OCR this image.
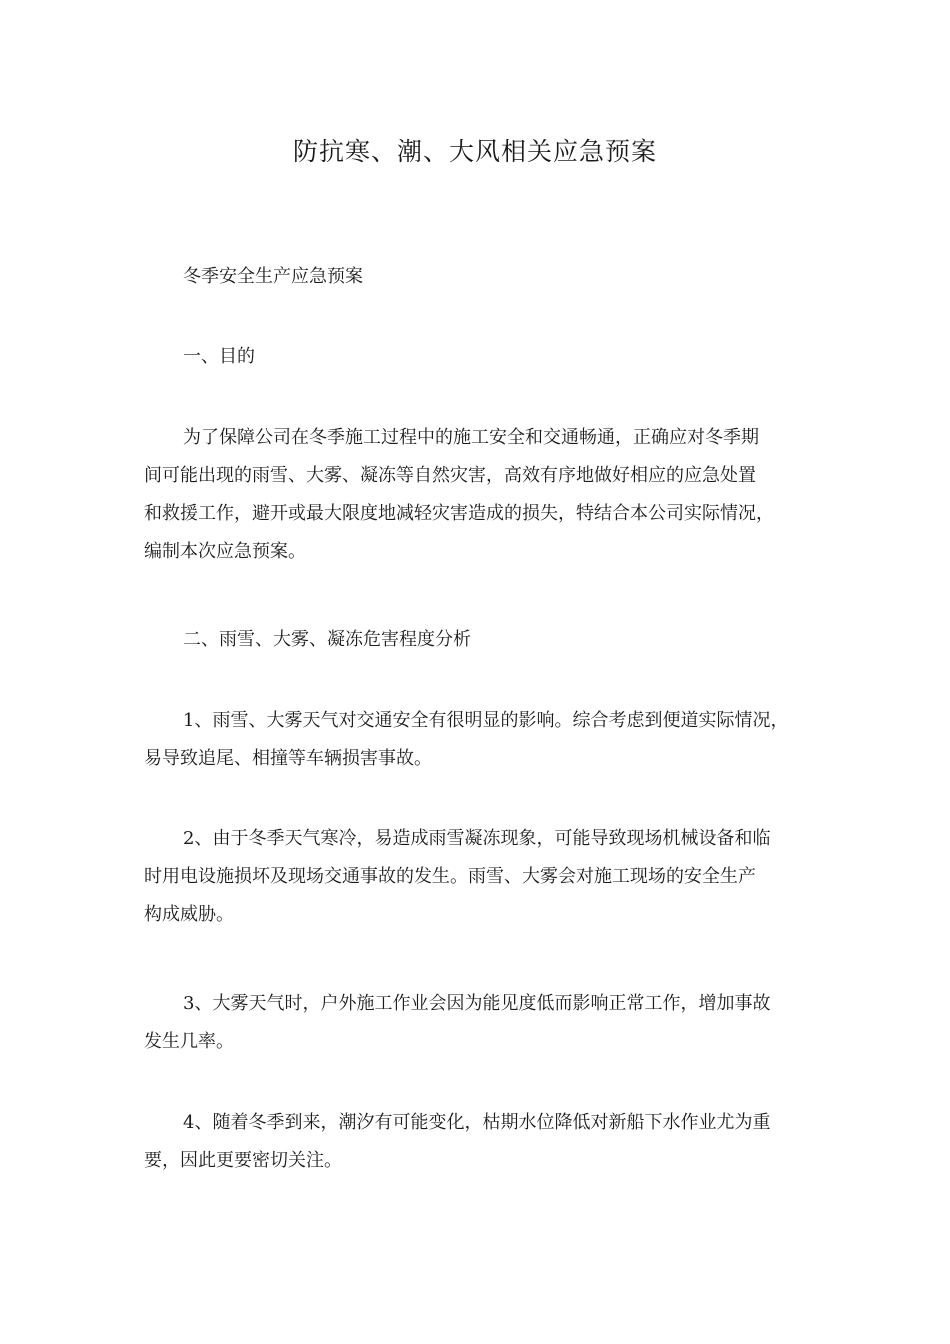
防抗寒、潮、大风相关应急预案
冬季安全生产应急预案
一、目的
为了保障公司在冬季施工过程中的施工安全和交通畅通，正确应对冬季期
间可能出现的雨雪、大雾、凝冻等自然灾害，高效有序地做好相应的应急处置
和救援工作，避开或最大限度地减轻灾害造成的损失，特结合本公司实际情况，
编制本次应急预案。
二、雨雪、大雾、凝冻危害程度分析
1、雨雪、大雾天气对交通安全有很明显的影响。综合考虑到便道实际情况，
易导致追尾、相撞等车辆损害事故。
2、由于冬季天气寒冷，易造成雨雪凝冻现象，可能导致现场机械设备和临
时用电设施损坏及现场交通事故的发生。雨雪、大雾会对施工现场的安全生产
构成威胁。
3、大雾天气时，户外施工作业会因为能见度低而影响正常工作，增加事故
发生几率。
4、随着冬季到来，潮汐有可能变化，枯期水位降低对新船下水作业尤为重
要，因此更要密切关注。
